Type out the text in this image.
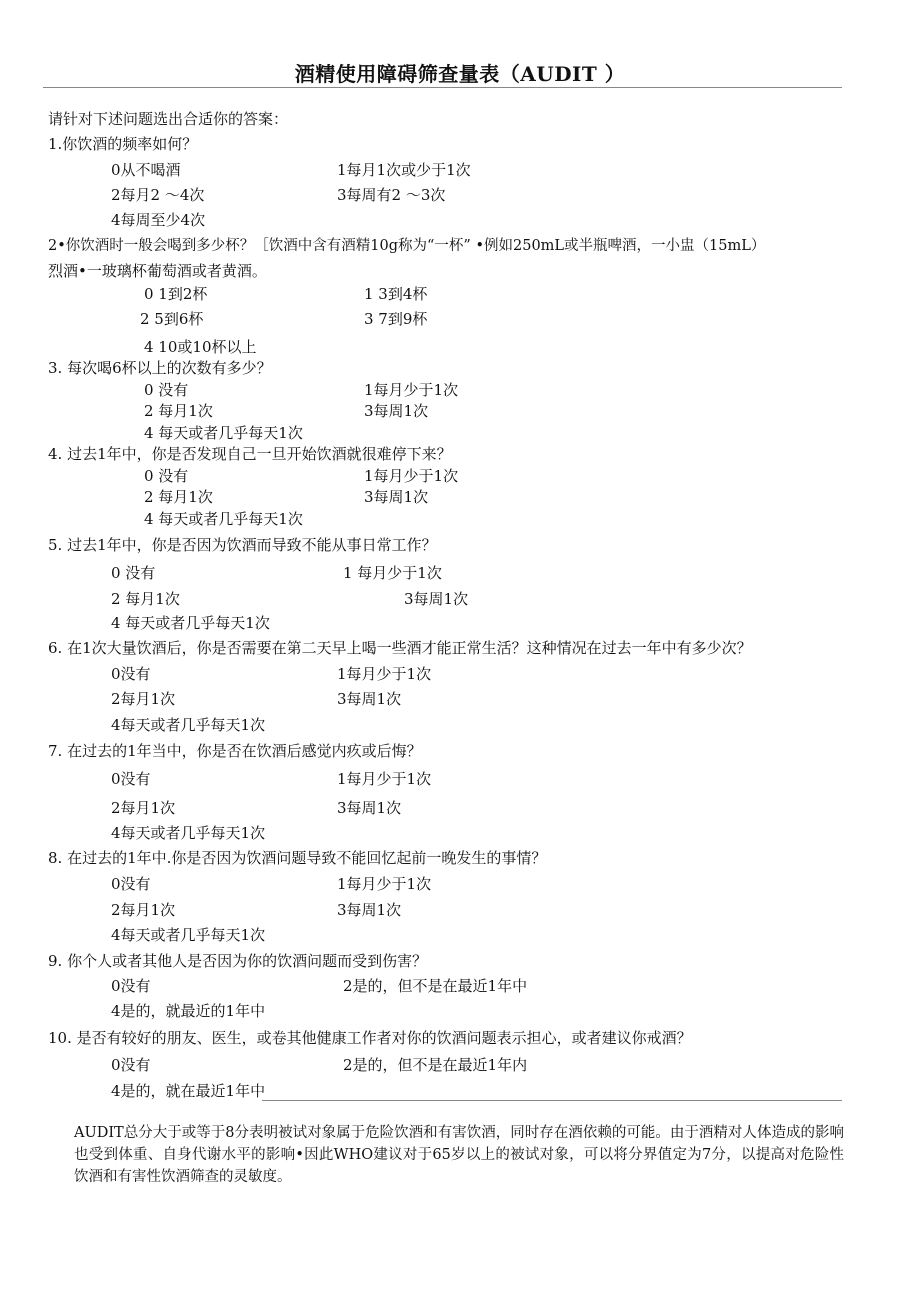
酒精使用障碍筛查量表（AUDIT ）
请针对下述问题选出合适你的答案：
1.你饮酒的频率如何？
0从不喝酒	1每月1次或少于1次
2每月2 ～4次	3每周有2 ～3次
4每周至少4次
2•你饮酒时一般会喝到多少杯？［饮酒中含有酒精10g称为“一杯” •例如250mL或半瓶啤酒，一小盅（15mL）
烈酒•一玻璃杯葡萄酒或者黄酒。
0 1到2杯	1 3到4杯
2 5到6杯	3 7到9杯
4 10或10杯以上
3. 每次喝6杯以上的次数有多少？
0 没有	1每月少于1次
2 每月1次	3每周1次
4 每天或者几乎每天1次
4. 过去1年中，你是否发现自己一旦开始饮酒就很难停下来？
0 没有	1每月少于1次
2 每月1次	3每周1次
4 每天或者几乎每天1次
5. 过去1年中，你是否因为饮酒而导致不能从事日常工作？
0 没有	1 每月少于1次
2 每月1次	3每周1次
4 每天或者几乎每天1次
6. 在1次大量饮酒后，你是否需要在第二天早上喝一些酒才能正常生活？这种情况在过去一年中有多少次？
0没有	1每月少于1次
2每月1次	3每周1次
4每天或者几乎每天1次
7. 在过去的1年当中，你是否在饮酒后感觉内疚或后悔？
0没有	1每月少于1次
2每月1次	3每周1次
4每天或者几乎每天1次
8. 在过去的1年中.你是否因为饮酒问题导致不能回忆起前一晚发生的事情？
0没有	1每月少于1次
2每月1次	3每周1次
4每天或者几乎每天1次
9. 你个人或者其他人是否因为你的饮酒问题而受到伤害？
0没有	2是的，但不是在最近1年中
4是的，就最近的1年中
10. 是否有较好的朋友、医生，或卷其他健康工作者对你的饮酒问题表示担心，或者建议你戒酒？
0没有	2是的，但不是在最近1年内
4是的，就在最近1年中
AUDIT总分大于或等于8分表明被试对象属于危险饮酒和有害饮酒，同时存在酒依赖的可能。由于酒精对人体造成的影响也受到体重、自身代谢水平的影响•因此WHO建议对于65岁以上的被试对象，可以将分界值定为7分，以提高对危险性饮酒和有害性饮酒筛查的灵敏度。
